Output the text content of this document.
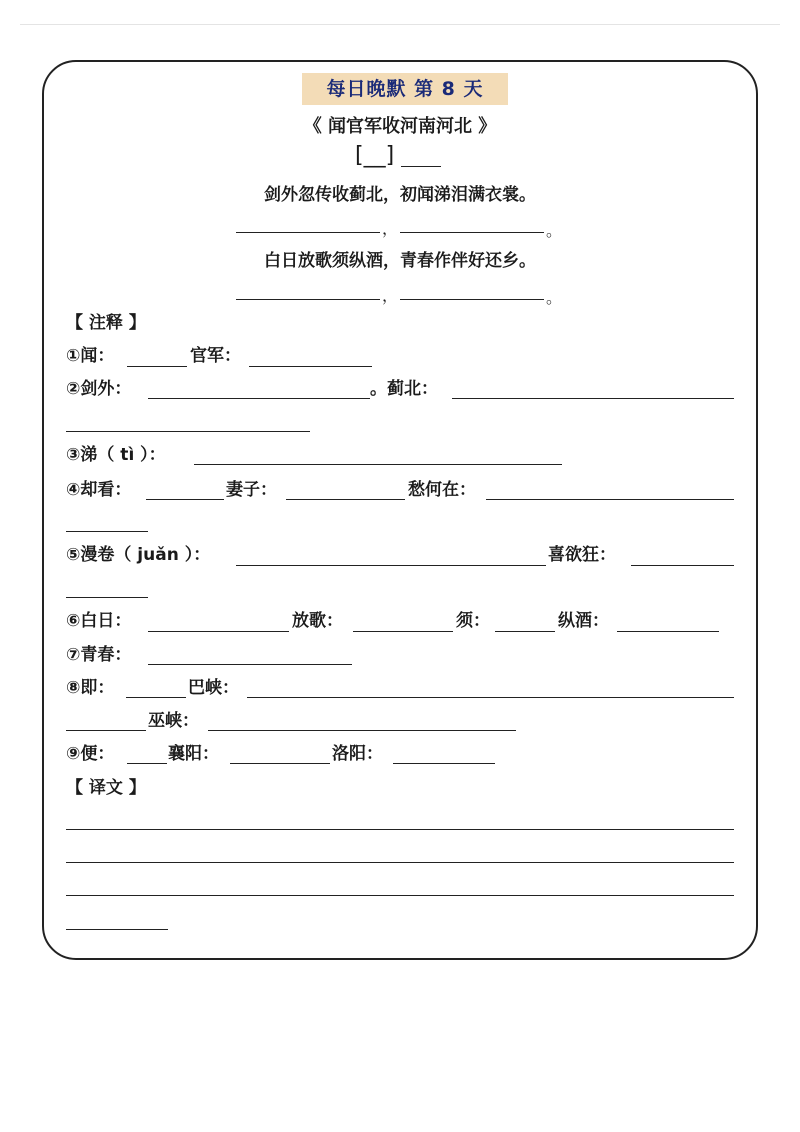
每日晚默 第 8 天
《 闻官军收河南河北 》
[__]
剑外忽传收蓟北，初闻涕泪满衣裳。
，	。
白日放歌须纵酒，青春作伴好还乡。
，	。
【 注释 】
①闻：	官军：
②剑外：	。蓟北：
③涕（ tì ）：
④却看：	妻子：	愁何在：
⑤漫卷（ juǎn ）：	喜欲狂：
⑥白日：	放歌：	须：	纵酒：
⑦青春：
⑧即：	巴峡：
巫峡：
⑨便：	襄阳：	洛阳：
【 译文 】
